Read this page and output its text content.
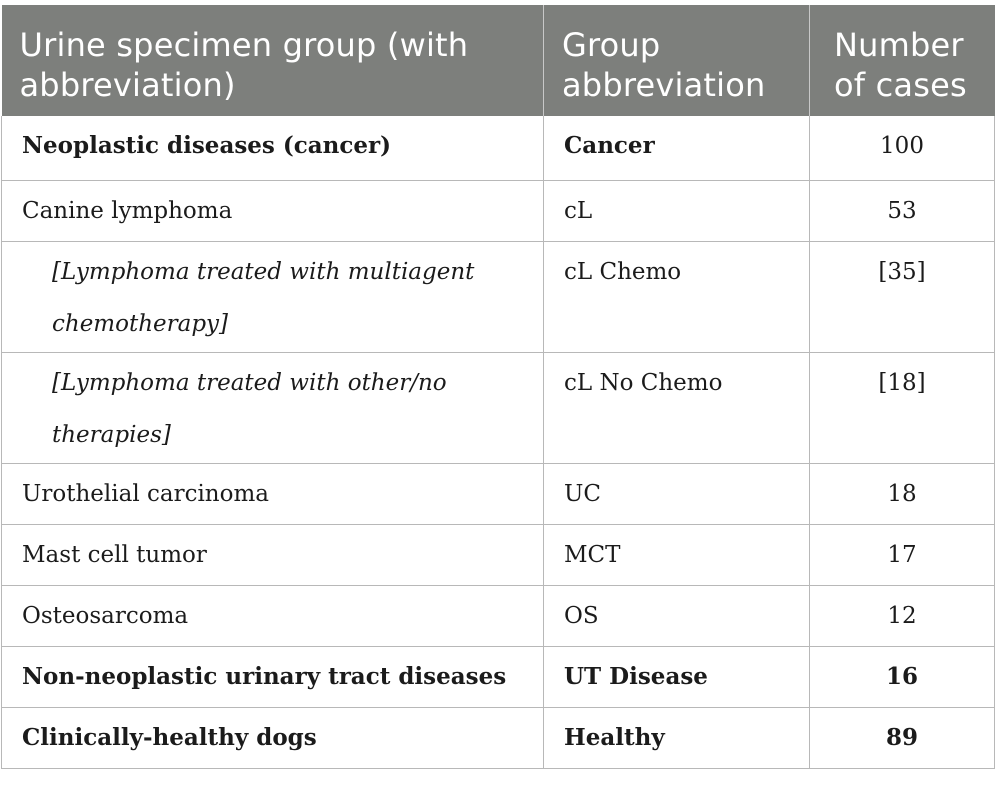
Urine specimen group (with abbreviation)	Group abbreviation	Number of cases
Neoplastic diseases (cancer)	Cancer	100
Canine lymphoma	cL	53
[Lymphoma treated with multiagent chemotherapy]	cL Chemo	[35]
[Lymphoma treated with other/no therapies]	cL No Chemo	[18]
Urothelial carcinoma	UC	18
Mast cell tumor	MCT	17
Osteosarcoma	OS	12
Non-neoplastic urinary tract diseases	UT Disease	16
Clinically-healthy dogs	Healthy	89
